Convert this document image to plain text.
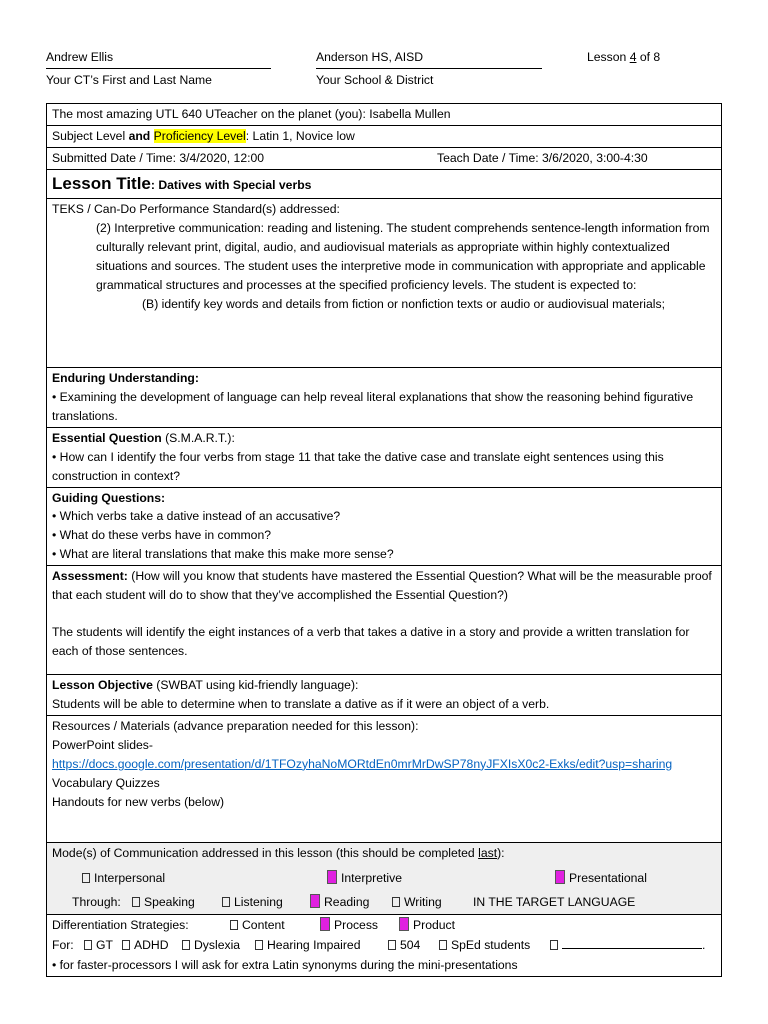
Andrew Ellis
Your CT’s First and Last Name
Anderson HS, AISD
Your School & District
Lesson 4 of 8
The most amazing UTL 640 UTeacher on the planet (you): Isabella Mullen
Subject Level and Proficiency Level: Latin 1, Novice low

Submitted Date / Time: 3/4/2020, 12:00	Teach Date / Time: 3/6/2020, 3:00-4:30

Lesson Title: Datives with Special verbs

TEKS / Can-Do Performance Standard(s) addressed:
(2) Interpretive communication: reading and listening. The student comprehends sentence-length information from culturally relevant print, digital, audio, and audiovisual materials as appropriate within highly contextualized situations and sources. The student uses the interpretive mode in communication with appropriate and applicable grammatical structures and processes at the specified proficiency levels. The student is expected to:
(B) identify key words and details from fiction or nonfiction texts or audio or audiovisual materials;

Enduring Understanding:
• Examining the development of language can help reveal literal explanations that show the reasoning behind figurative translations.

Essential Question (S.M.A.R.T.):
• How can I identify the four verbs from stage 11 that take the dative case and translate eight sentences using this construction in context?

Guiding Questions:
• Which verbs take a dative instead of an accusative?
• What do these verbs have in common?
• What are literal translations that make this make more sense?

Assessment: (How will you know that students have mastered the Essential Question? What will be the measurable proof that each student will do to show that they’ve accomplished the Essential Question?)
The students will identify the eight instances of a verb that takes a dative in a story and provide a written translation for each of those sentences.

Lesson Objective (SWBAT using kid-friendly language):
Students will be able to determine when to translate a dative as if it were an object of a verb.

Resources / Materials (advance preparation needed for this lesson):
PowerPoint slides-
https://docs.google.com/presentation/d/1TFOzyhaNoMORtdEn0mrMrDwSP78nyJFXIsX0c2-Exks/edit?usp=sharing
Vocabulary Quizzes
Handouts for new verbs (below)

Mode(s) of Communication addressed in this lesson (this should be completed last):
Interpersonal	Interpretive	Presentational
Through:	Speaking	Listening	Reading	Writing	IN THE TARGET LANGUAGE

Differentiation Strategies:	Content	Process	Product
For:	GT	ADHD	Dyslexia	Hearing Impaired	504	SpEd students	.
• for faster-processors I will ask for extra Latin synonyms during the mini-presentations
